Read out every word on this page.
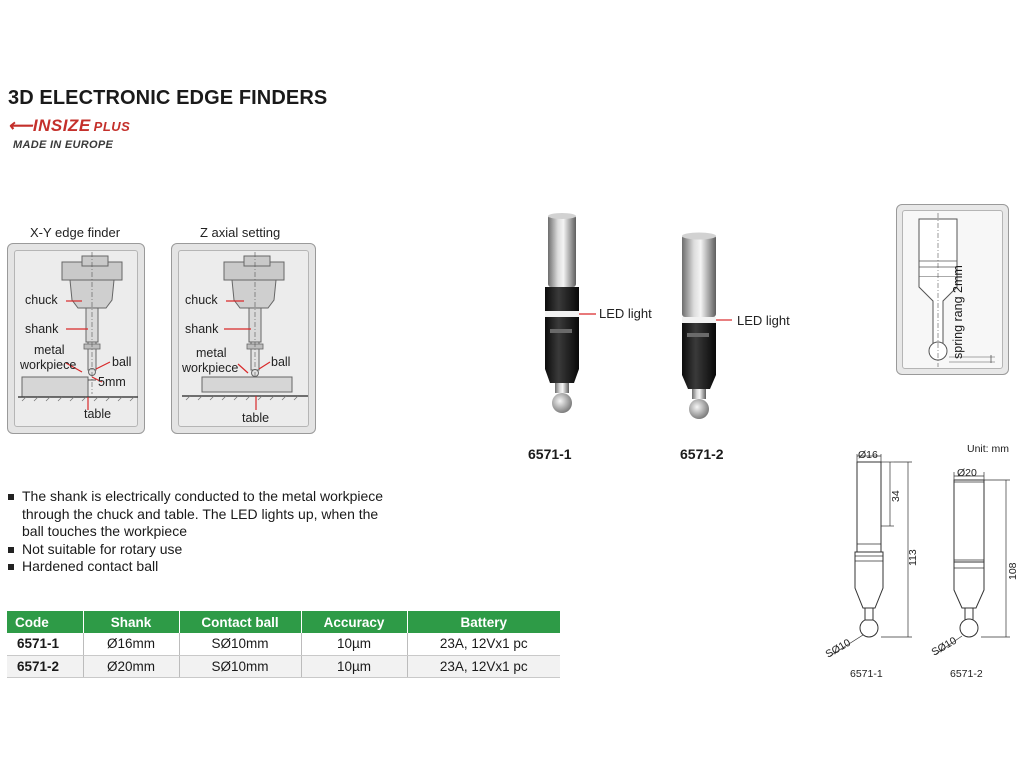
3D ELECTRONIC EDGE FINDERS
⟵INSIZE PLUS
MADE IN EUROPE
X-Y edge finder
chuck
shank
metal
workpiece	ball
5mm
table
Z axial setting
chuck
shank
metal
workpiece	ball
table
LED light	LED light
6571-1	6571-2
spring rang 2mm
Unit: mm
Ø16
34
113
SØ10
6571-1
Ø20
108
SØ10
6571-2
The shank is electrically conducted to the metal workpiece through the chuck and table. The LED lights up, when the ball touches the workpiece
Not suitable for rotary use
Hardened contact ball
Code	Shank	Contact ball	Accuracy	Battery
6571-1	Ø16mm	SØ10mm	10µm	23A, 12Vx1 pc
6571-2	Ø20mm	SØ10mm	10µm	23A, 12Vx1 pc
